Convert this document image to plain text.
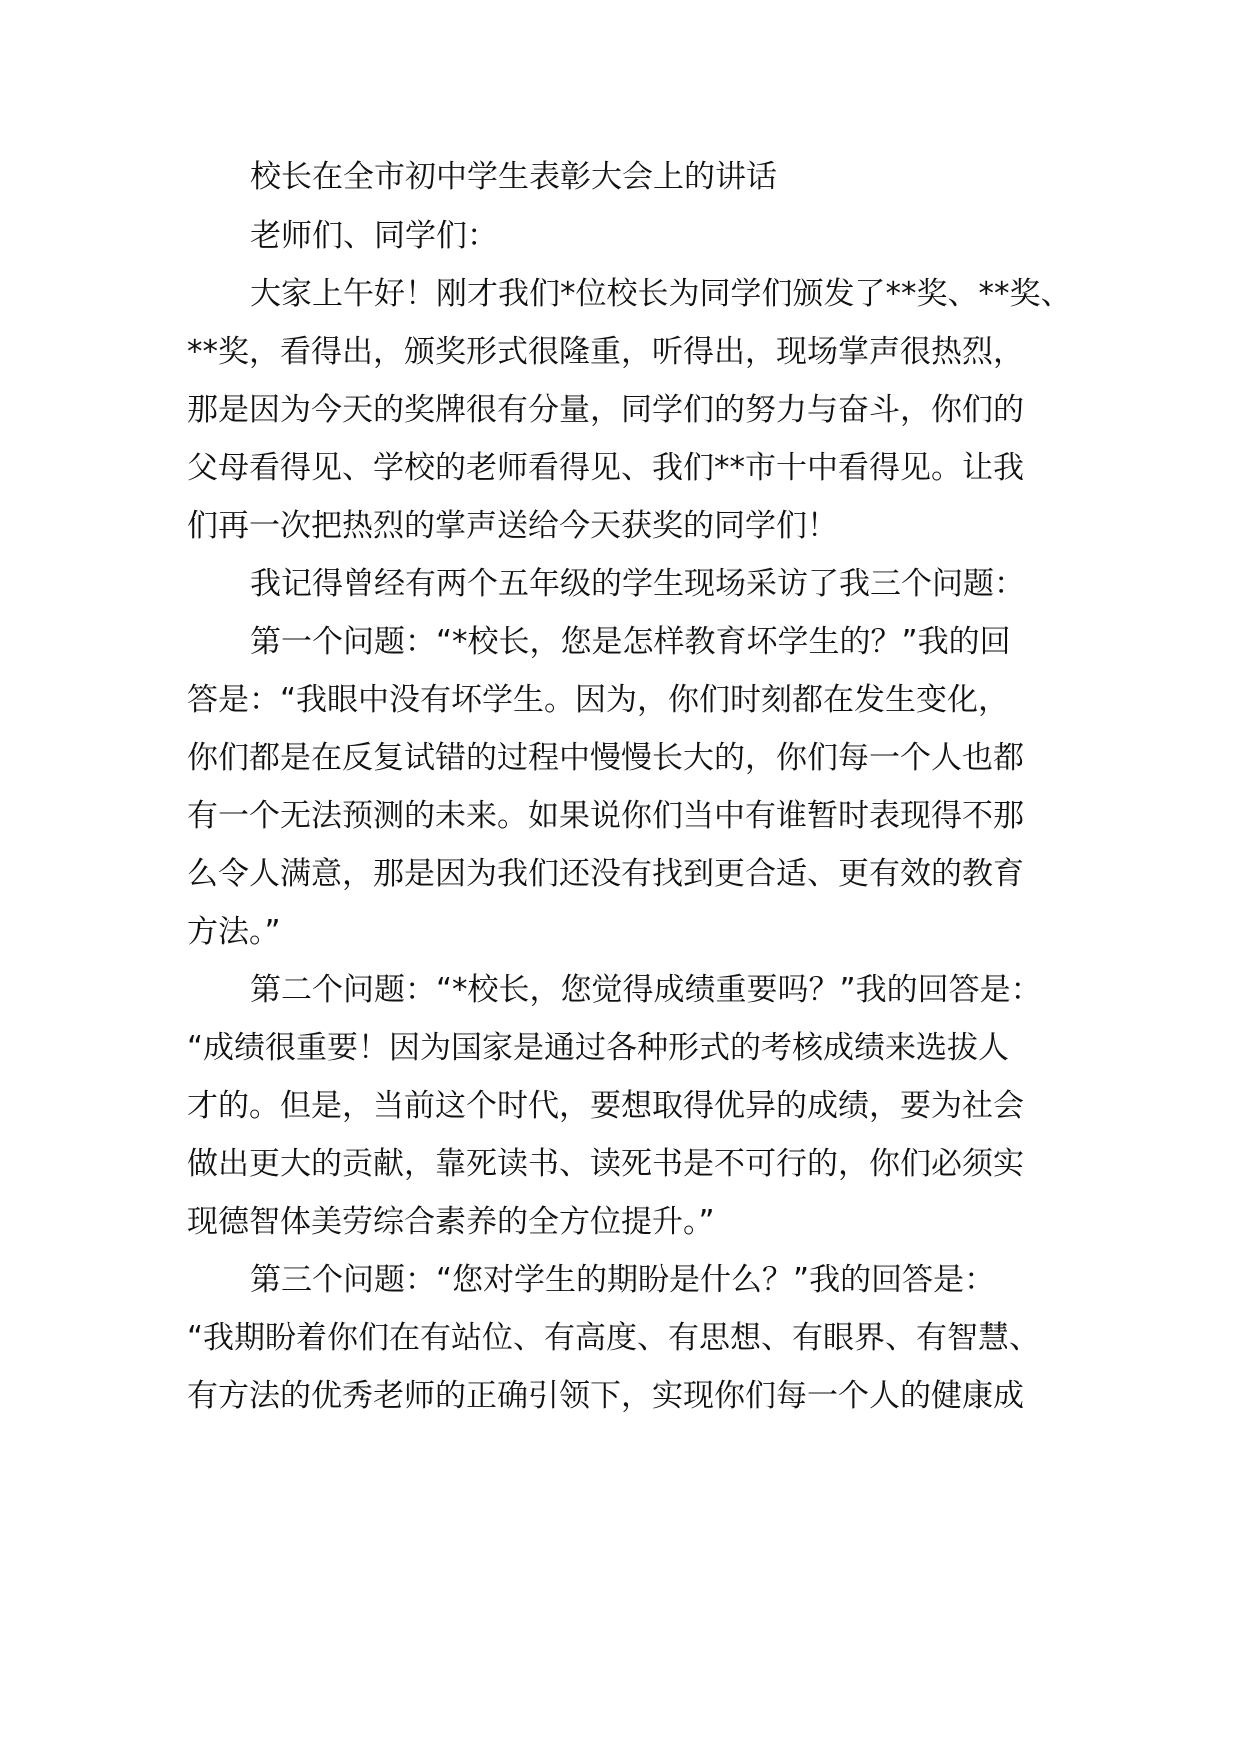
校长在全市初中学生表彰大会上的讲话

老师们、同学们：

大家上午好！刚才我们*位校长为同学们颁发了**奖、**奖、

**奖，看得出，颁奖形式很隆重，听得出，现场掌声很热烈，

那是因为今天的奖牌很有分量，同学们的努力与奋斗，你们的

父母看得见、学校的老师看得见、我们**市十中看得见。让我

们再一次把热烈的掌声送给今天获奖的同学们！

我记得曾经有两个五年级的学生现场采访了我三个问题：

第一个问题：“*校长，您是怎样教育坏学生的？”我的回

答是：“我眼中没有坏学生。因为，你们时刻都在发生变化，

你们都是在反复试错的过程中慢慢长大的，你们每一个人也都

有一个无法预测的未来。如果说你们当中有谁暂时表现得不那

么令人满意，那是因为我们还没有找到更合适、更有效的教育

方法。”

第二个问题：“*校长，您觉得成绩重要吗？”我的回答是：

“成绩很重要！因为国家是通过各种形式的考核成绩来选拔人

才的。但是，当前这个时代，要想取得优异的成绩，要为社会

做出更大的贡献，靠死读书、读死书是不可行的，你们必须实

现德智体美劳综合素养的全方位提升。”

第三个问题：“您对学生的期盼是什么？”我的回答是：

“我期盼着你们在有站位、有高度、有思想、有眼界、有智慧、

有方法的优秀老师的正确引领下，实现你们每一个人的健康成
